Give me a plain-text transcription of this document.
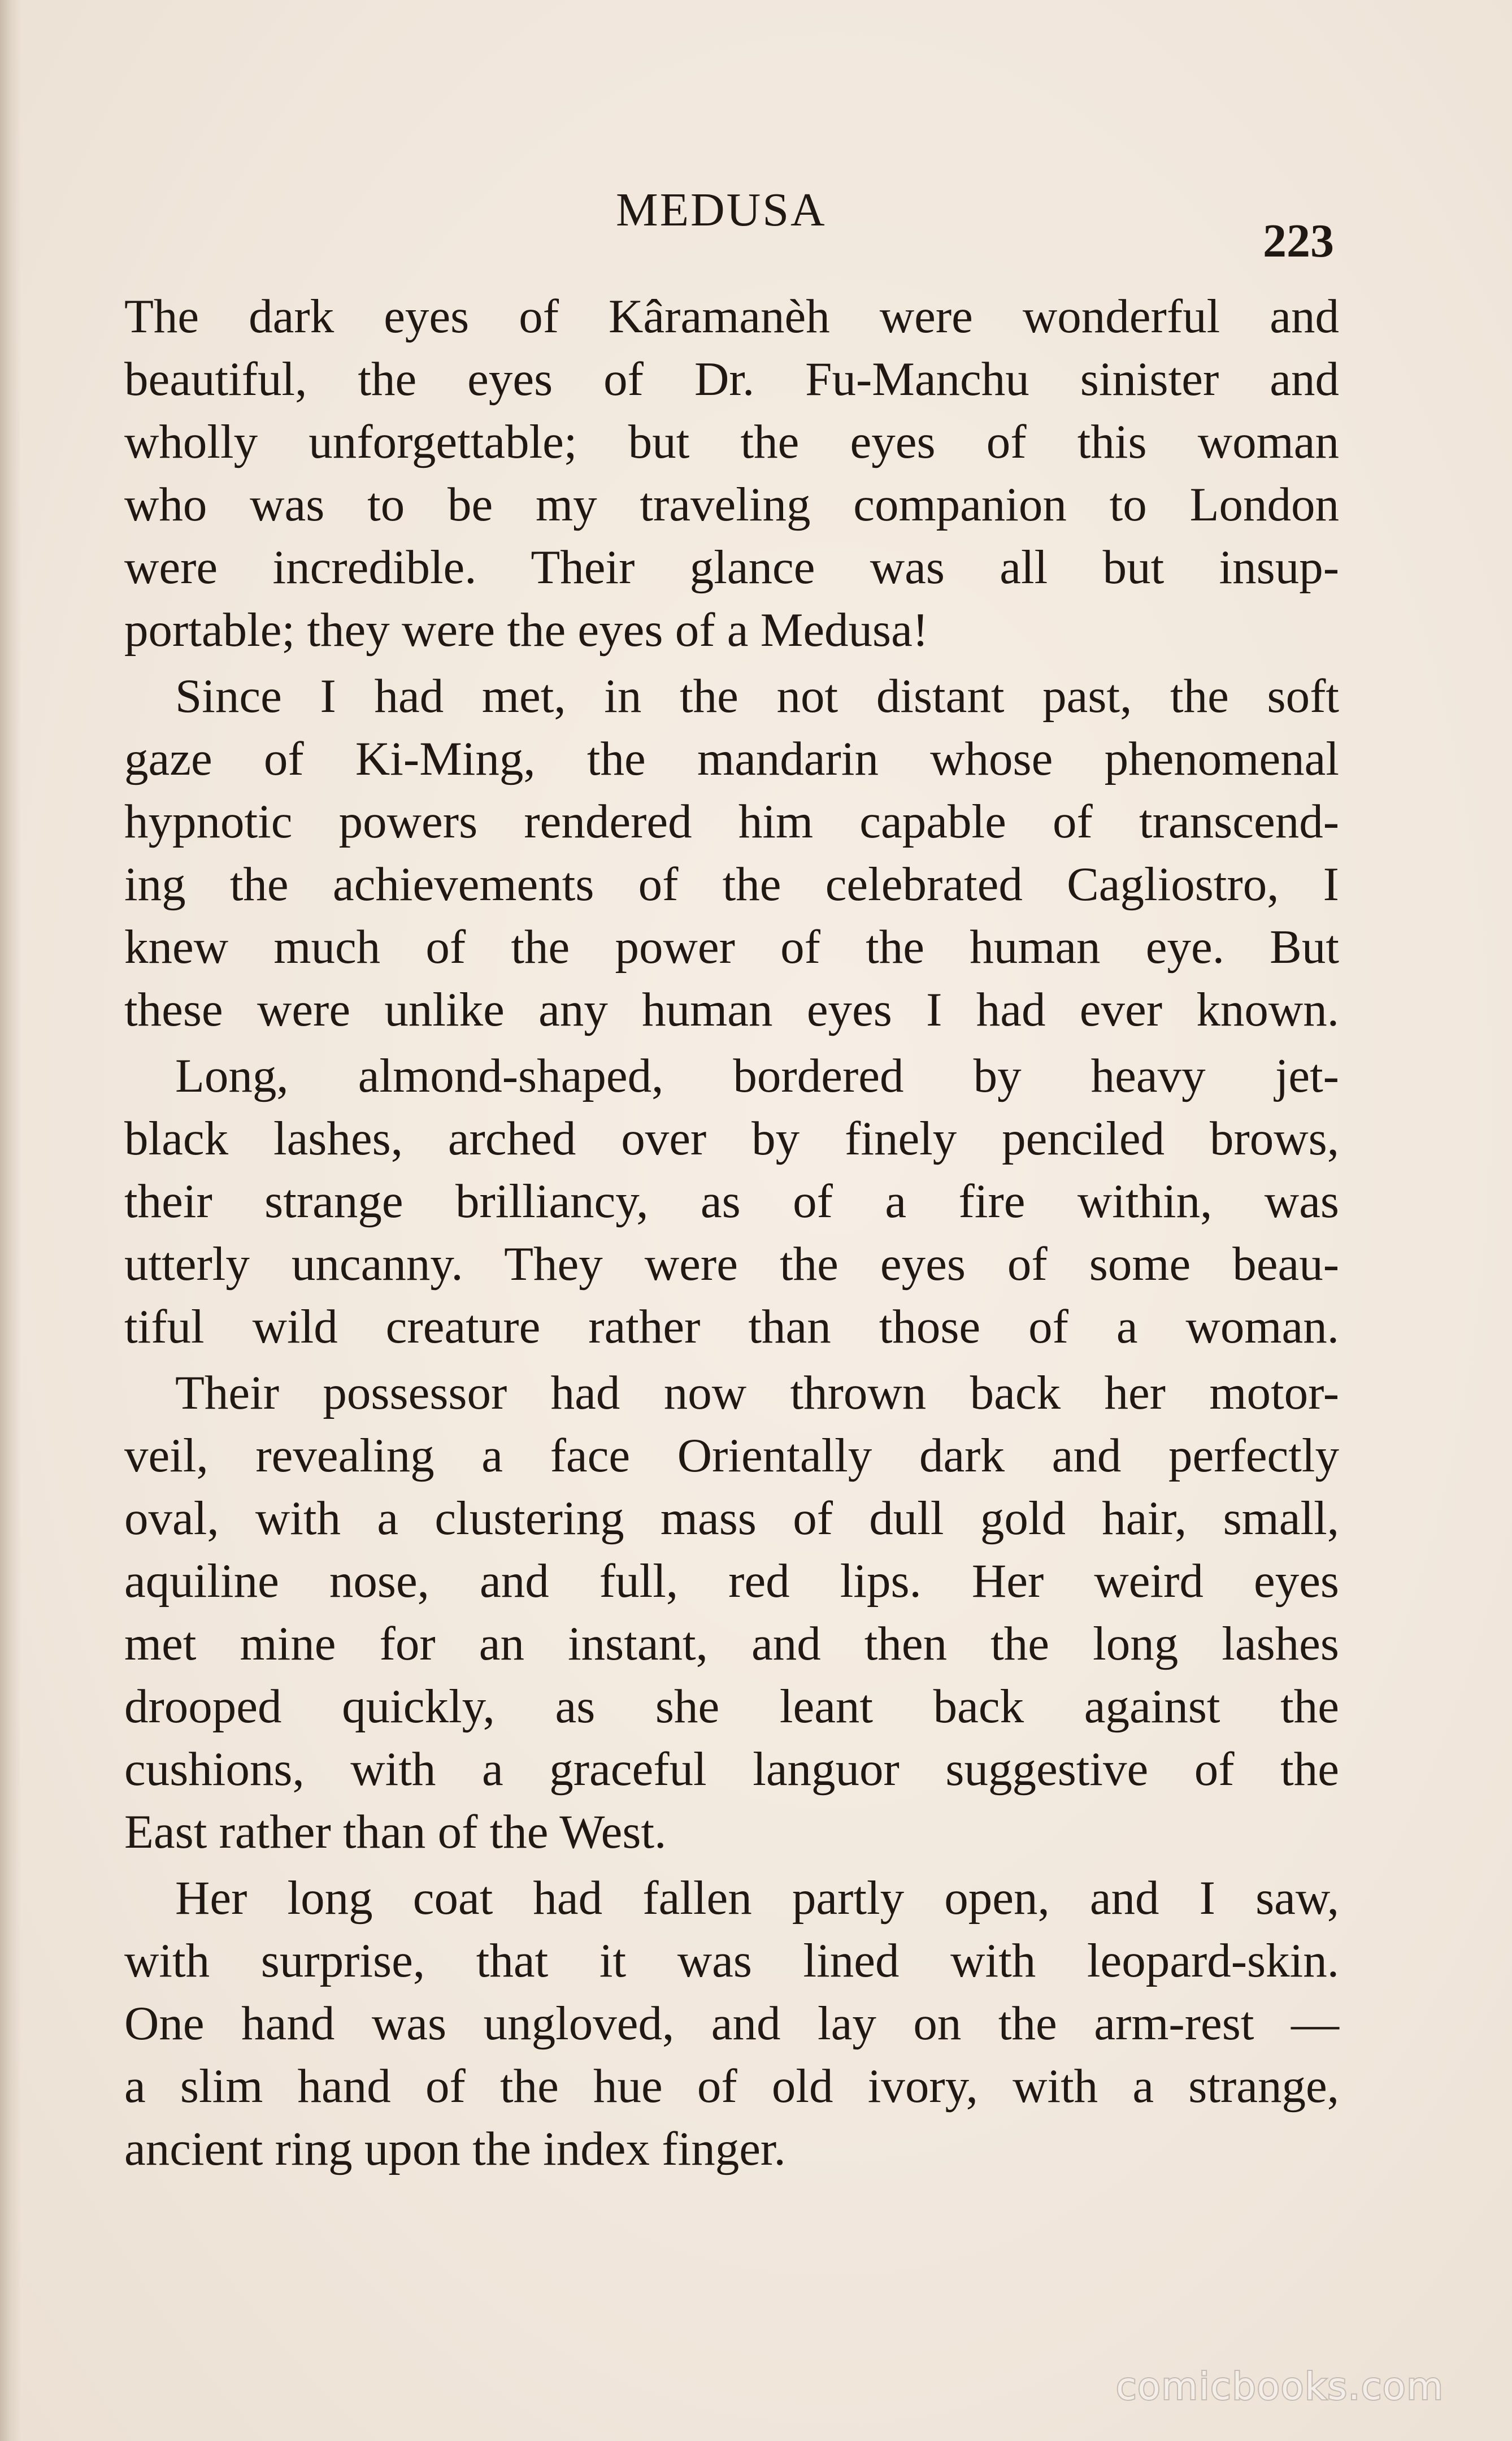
MEDUSA
223
The dark eyes of Kâramanèh were wonderful and
beautiful, the eyes of Dr. Fu-Manchu sinister and
wholly unforgettable; but the eyes of this woman
who was to be my traveling companion to London
were incredible. Their glance was all but insup-
portable; they were the eyes of a Medusa!
Since I had met, in the not distant past, the soft
gaze of Ki-Ming, the mandarin whose phenomenal
hypnotic powers rendered him capable of transcend-
ing the achievements of the celebrated Cagliostro, I
knew much of the power of the human eye. But
these were unlike any human eyes I had ever known.
Long, almond-shaped, bordered by heavy jet-
black lashes, arched over by finely penciled brows,
their strange brilliancy, as of a fire within, was
utterly uncanny. They were the eyes of some beau-
tiful wild creature rather than those of a woman.
Their possessor had now thrown back her motor-
veil, revealing a face Orientally dark and perfectly
oval, with a clustering mass of dull gold hair, small,
aquiline nose, and full, red lips. Her weird eyes
met mine for an instant, and then the long lashes
drooped quickly, as she leant back against the
cushions, with a graceful languor suggestive of the
East rather than of the West.
Her long coat had fallen partly open, and I saw,
with surprise, that it was lined with leopard-skin.
One hand was ungloved, and lay on the arm-rest —
a slim hand of the hue of old ivory, with a strange,
ancient ring upon the index finger.
comicbooks.com
